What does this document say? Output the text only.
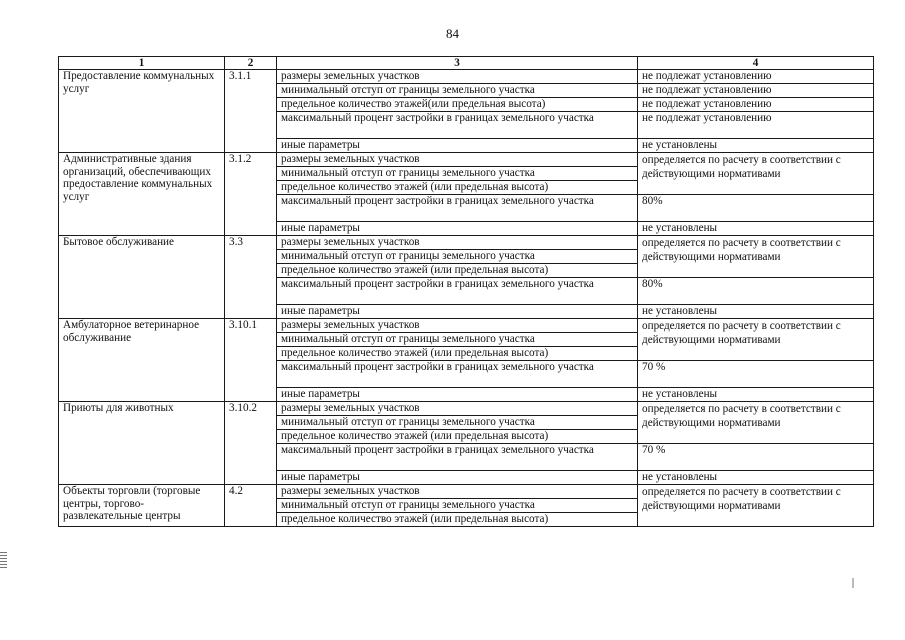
84
1	2	3	4
Предоставление коммунальных услуг	3.1.1	размеры земельных участков	не подлежат установлению

		минимальный отступ от границы земельного участка	не подлежат установлению

		предельное количество этажей(или предельная высота)	не подлежат установлению

		максимальный процент застройки в границах земельного участка	не подлежат установлению

		иные параметры	не установлены

Административные здания организаций, обеспечивающих предоставление коммунальных услуг	3.1.2	размеры земельных участков	определяется по расчету в соответствии с действующими нормативами

		минимальный отступ от границы земельного участка	
		предельное количество этажей (или предельная высота)	
		максимальный процент застройки в границах земельного участка	80%

		иные параметры	не установлены

Бытовое обслуживание	3.3	размеры земельных участков	определяется по расчету в соответствии с действующими нормативами

		минимальный отступ от границы земельного участка	
		предельное количество этажей (или предельная высота)	
		максимальный процент застройки в границах земельного участка	80%

		иные параметры	не установлены

Амбулаторное ветеринарное обслуживание	3.10.1	размеры земельных участков	определяется по расчету в соответствии с действующими нормативами

		минимальный отступ от границы земельного участка	
		предельное количество этажей (или предельная высота)	
		максимальный процент застройки в границах земельного участка	70 %

		иные параметры	не установлены

Приюты для животных	3.10.2	размеры земельных участков	определяется по расчету в соответствии с действующими нормативами

		минимальный отступ от границы земельного участка	
		предельное количество этажей (или предельная высота)	
		максимальный процент застройки в границах земельного участка	70 %

		иные параметры	не установлены

Объекты торговли (торговые центры, торгово-развлекательные центры	4.2	размеры земельных участков	определяется по расчету в соответствии с действующими нормативами

		минимальный отступ от границы земельного участка	
		предельное количество этажей (или предельная высота)	
